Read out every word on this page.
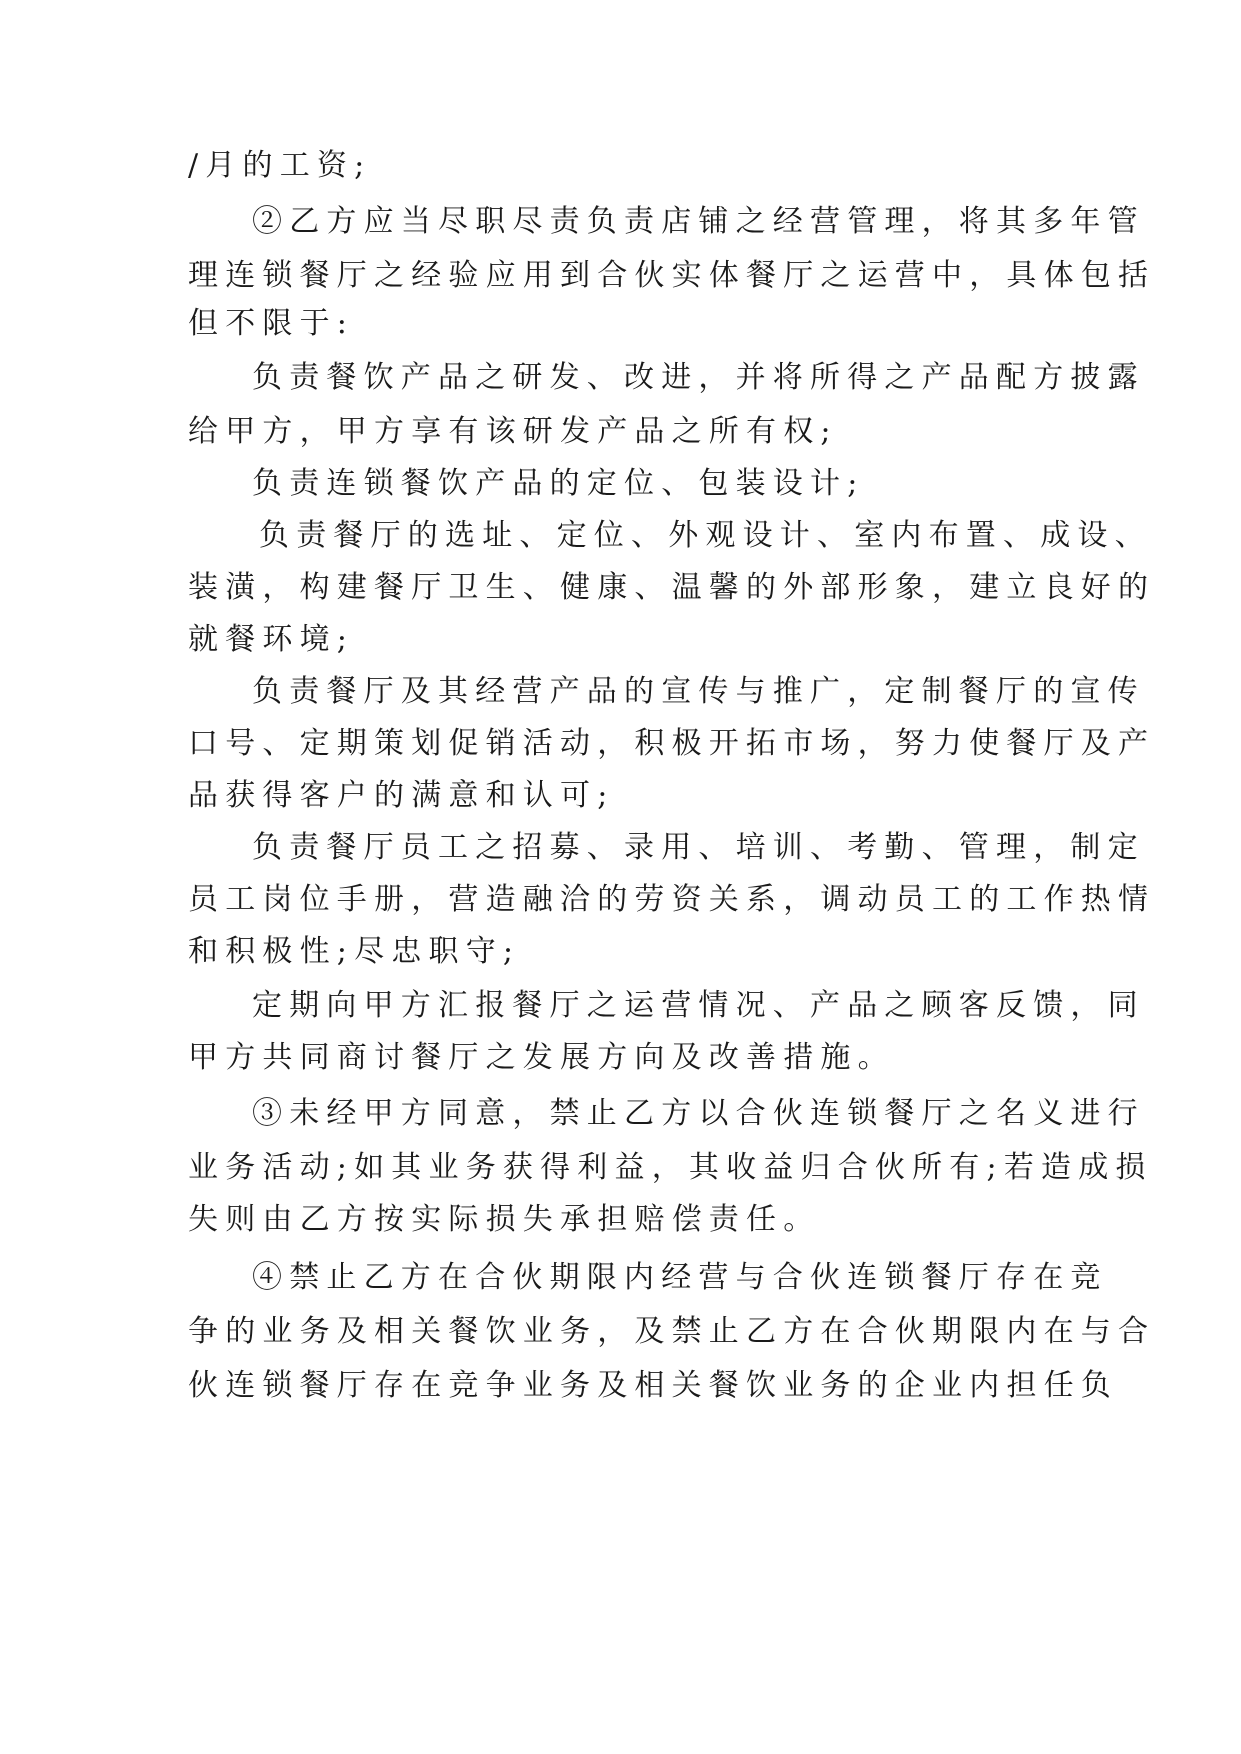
/月的工资;
②乙方应当尽职尽责负责店铺之经营管理，将其多年管
理连锁餐厅之经验应用到合伙实体餐厅之运营中，具体包括
但不限于:
负责餐饮产品之研发、改进，并将所得之产品配方披露
给甲方，甲方享有该研发产品之所有权;
负责连锁餐饮产品的定位、包装设计;
负责餐厅的选址、定位、外观设计、室内布置、成设、
装潢，构建餐厅卫生、健康、温馨的外部形象，建立良好的
就餐环境;
负责餐厅及其经营产品的宣传与推广，定制餐厅的宣传
口号、定期策划促销活动，积极开拓市场，努力使餐厅及产
品获得客户的满意和认可;
负责餐厅员工之招募、录用、培训、考勤、管理，制定
员工岗位手册，营造融洽的劳资关系，调动员工的工作热情
和积极性;尽忠职守;
定期向甲方汇报餐厅之运营情况、产品之顾客反馈，同
甲方共同商讨餐厅之发展方向及改善措施。
③未经甲方同意，禁止乙方以合伙连锁餐厅之名义进行
业务活动;如其业务获得利益，其收益归合伙所有;若造成损
失则由乙方按实际损失承担赔偿责任。
④禁止乙方在合伙期限内经营与合伙连锁餐厅存在竞
争的业务及相关餐饮业务，及禁止乙方在合伙期限内在与合
伙连锁餐厅存在竞争业务及相关餐饮业务的企业内担任负
